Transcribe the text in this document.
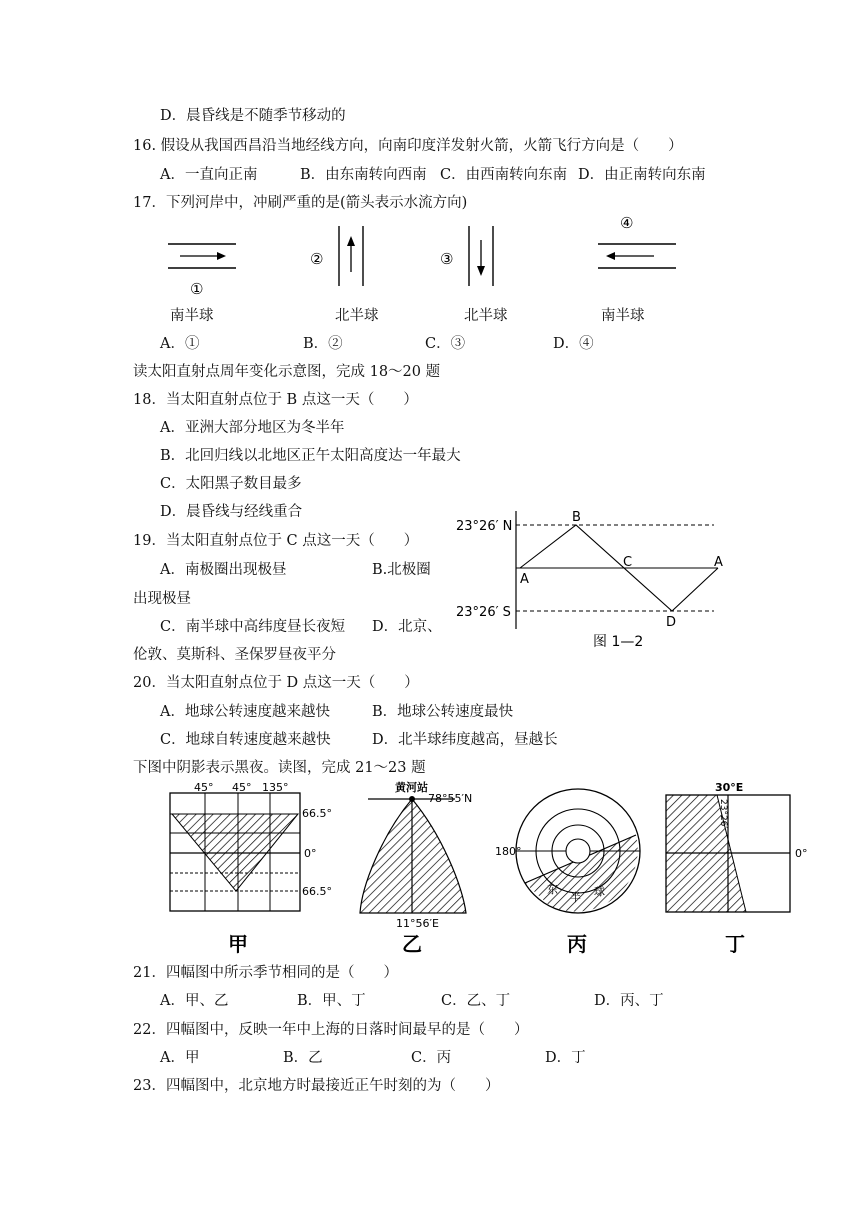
D．晨昏线是不随季节移动的
16. 假设从我国西昌沿当地经线方向，向南印度洋发射火箭，火箭飞行方向是（　　）
A．一直向正南	B．由东南转向西南 C．由西南转向东南 D．由正南转向东南
17．下列河岸中，冲刷严重的是(箭头表示水流方向)
①
②	③
④
南半球	北半球	北半球	南半球
A．①	B．②	C．③	D．④
读太阳直射点周年变化示意图，完成 18～20 题
18．当太阳直射点位于 B 点这一天（　　）
A．亚洲大部分地区为冬半年
B．北回归线以北地区正午太阳高度达一年最大
C．太阳黑子数目最多
D．晨昏线与经线重合
19．当太阳直射点位于 C 点这一天（　　）
A．南极圈出现极昼	B.北极圈
出现极昼
C．南半球中高纬度昼长夜短 D．北京、
伦敦、莫斯科、圣保罗昼夜平分
23°26′ N
23°26′ S
A
B
C
D
A
图 1—2
20．当太阳直射点位于 D 点这一天（　　）
A．地球公转速度越来越快	B．地球公转速度最快
C．地球自转速度越来越快	D．北半球纬度越高，昼越长
下图中阴影表示黑夜。读图，完成 21～23 题
45° 45° 135°
66.5°
0°
66.5°
甲
黄河站
78°55′N
11°56′E
乙
180°
东
半 球
丙
30°E
23°26′
0°
丁
21．四幅图中所示季节相同的是（　　）
A．甲、乙	B．甲、丁	C．乙、丁	D．丙、丁
22．四幅图中，反映一年中上海的日落时间最早的是（　　）
A．甲	B．乙	C．丙	D．丁
23．四幅图中，北京地方时最接近正午时刻的为（　　）
